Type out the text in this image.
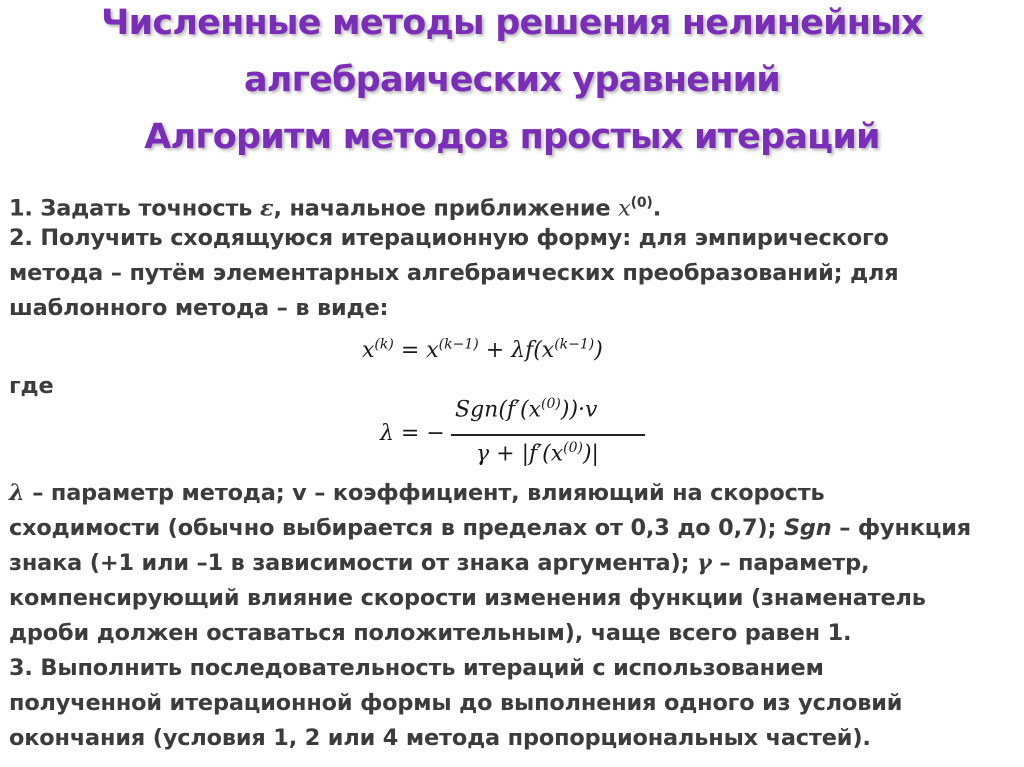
Численные методы решения нелинейных
алгебраических уравнений
Алгоритм методов простых итераций
1. Задать точность ε, начальное приближение $x^{(0)}$.
2. Получить сходящуюся итерационную форму: для эмпирического
метода – путём элементарных алгебраических преобразований; для
шаблонного метода – в виде:
$x^{(k)} = x^{(k-1)} + \lambda f(x^{(k-1)})$
где
λ = −
$Sgn(f'(x^{(0)}))\cdot v$
$\gamma + |f'(x^{(0)})|$
λ – параметр метода; v – коэффициент, влияющий на скорость
сходимости (обычно выбирается в пределах от 0,3 до 0,7); Sgn – функция
знака (+1 или –1 в зависимости от знака аргумента); γ – параметр,
компенсирующий влияние скорости изменения функции (знаменатель
дроби должен оставаться положительным), чаще всего равен 1.
3. Выполнить последовательность итераций с использованием
полученной итерационной формы до выполнения одного из условий
окончания (условия 1, 2 или 4 метода пропорциональных частей).
